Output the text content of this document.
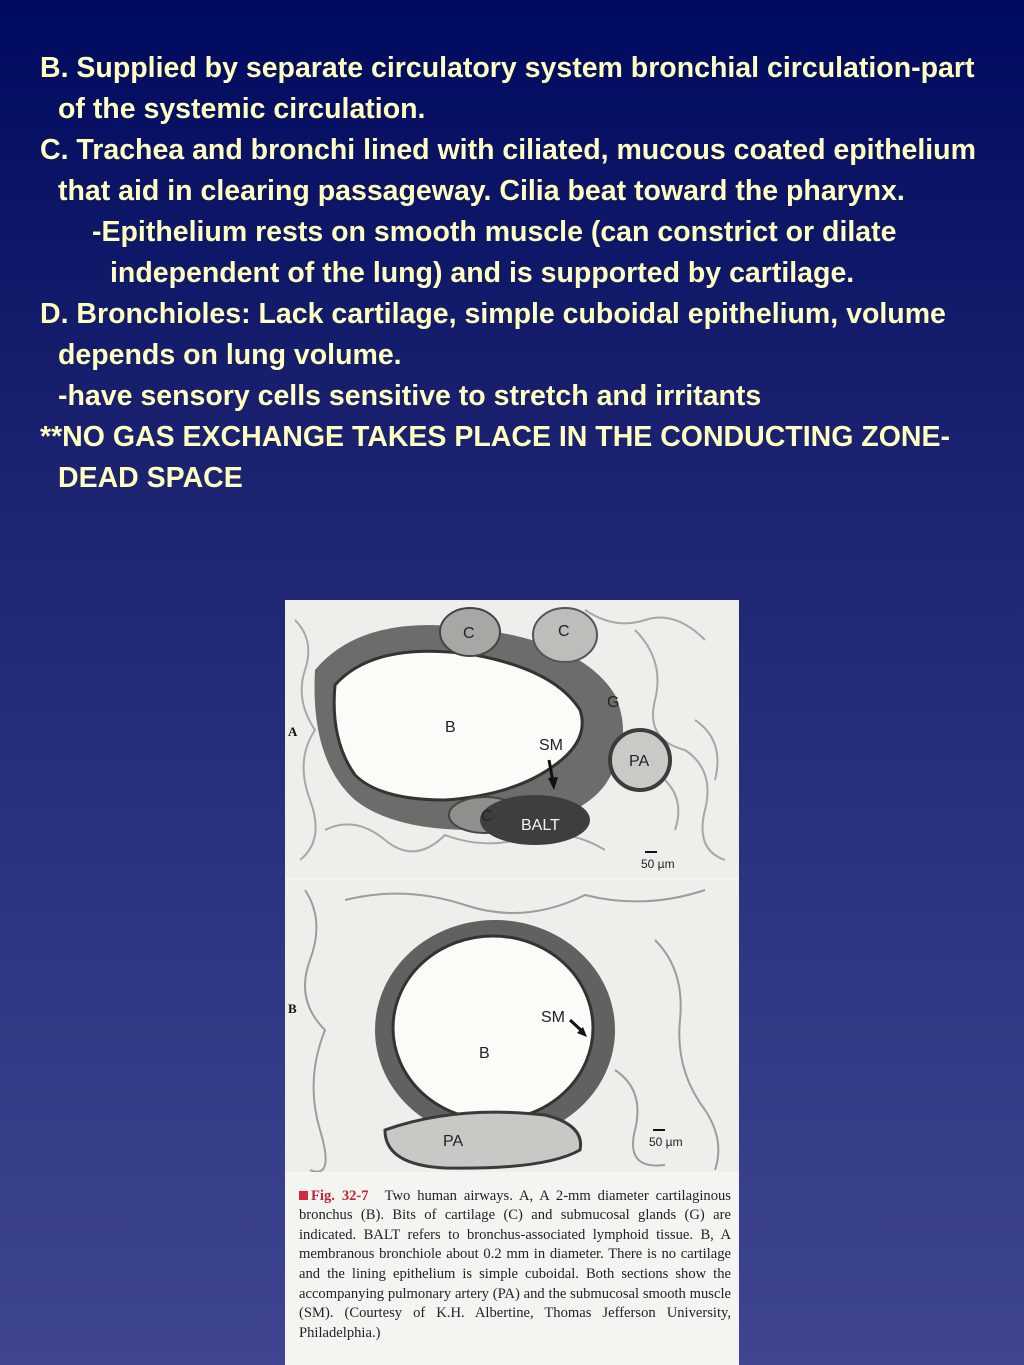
B. Supplied by separate circulatory system bronchial circulation-part of the systemic circulation.

C. Trachea and bronchi lined with ciliated, mucous coated epithelium that aid in clearing passageway. Cilia beat toward the pharynx.

-Epithelium rests on smooth muscle (can constrict or dilate independent of the lung) and is supported by cartilage.

D. Bronchioles: Lack cartilage, simple cuboidal epithelium, volume depends on lung volume.

-have sensory cells sensitive to stretch and irritants

**NO GAS EXCHANGE TAKES PLACE IN THE CONDUCTING ZONE-DEAD SPACE

C	C
G
B
SM
PA
C
BALT
50 µm
B
SM
PA	50 µm

Fig. 32-7 Two human airways. A, A 2-mm diameter cartilaginous bronchus (B). Bits of cartilage (C) and submucosal glands (G) are indicated. BALT refers to bronchus-associated lymphoid tissue. B, A membranous bronchiole about 0.2 mm in diameter. There is no cartilage and the lining epithelium is simple cuboidal. Both sections show the accompanying pulmonary artery (PA) and the submucosal smooth muscle (SM). (Courtesy of K.H. Albertine, Thomas Jefferson University, Philadelphia.)

A
B
